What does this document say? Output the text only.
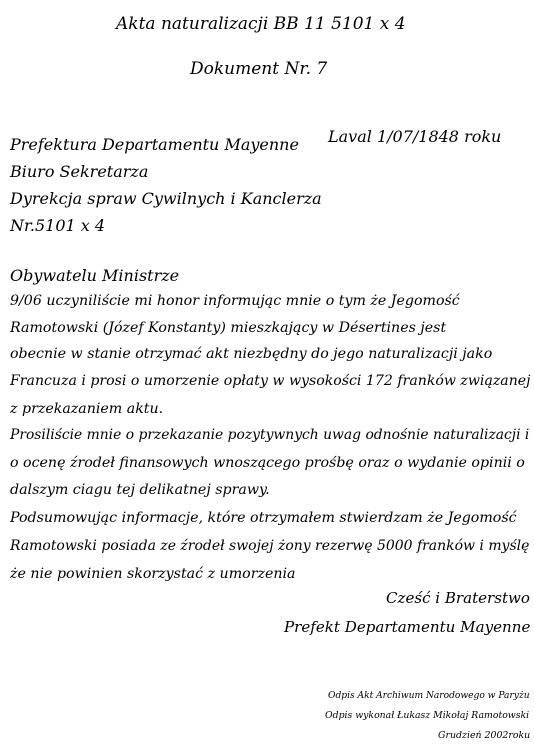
Akta naturalizacji BB 11 5101 x 4
Dokument Nr. 7
Prefektura Departamentu Mayenne Laval 1/07/1848 roku
Biuro Sekretarza
Dyrekcja spraw Cywilnych i Kanclerza
Nr.5101 x 4
Obywatelu Ministrze
9/06 uczyniliście mi honor informując mnie o tym że Jegomość
Ramotowski (Józef Konstanty) mieszkający w Désertines jest
obecnie w stanie otrzymać akt niezbędny do jego naturalizacji jako
Francuza i prosi o umorzenie opłaty w wysokości 172 franków związanej
z przekazaniem aktu.
Prosiliście mnie o przekazanie pozytywnych uwag odnośnie naturalizacji i
o ocenę źrodeł finansowych wnoszącego prośbę oraz o wydanie opinii o
dalszym ciagu tej delikatnej sprawy.
Podsumowując informacje, które otrzymałem stwierdzam że Jegomość
Ramotowski posiada ze źrodeł swojej żony rezerwę 5000 franków i myślę
że nie powinien skorzystać z umorzenia
Cześć i Braterstwo
Prefekt Departamentu Mayenne
Odpis Akt Archiwum Narodowego w Paryżu
Odpis wykonał Łukasz Mikołaj Ramotowski
Grudzień 2002roku
